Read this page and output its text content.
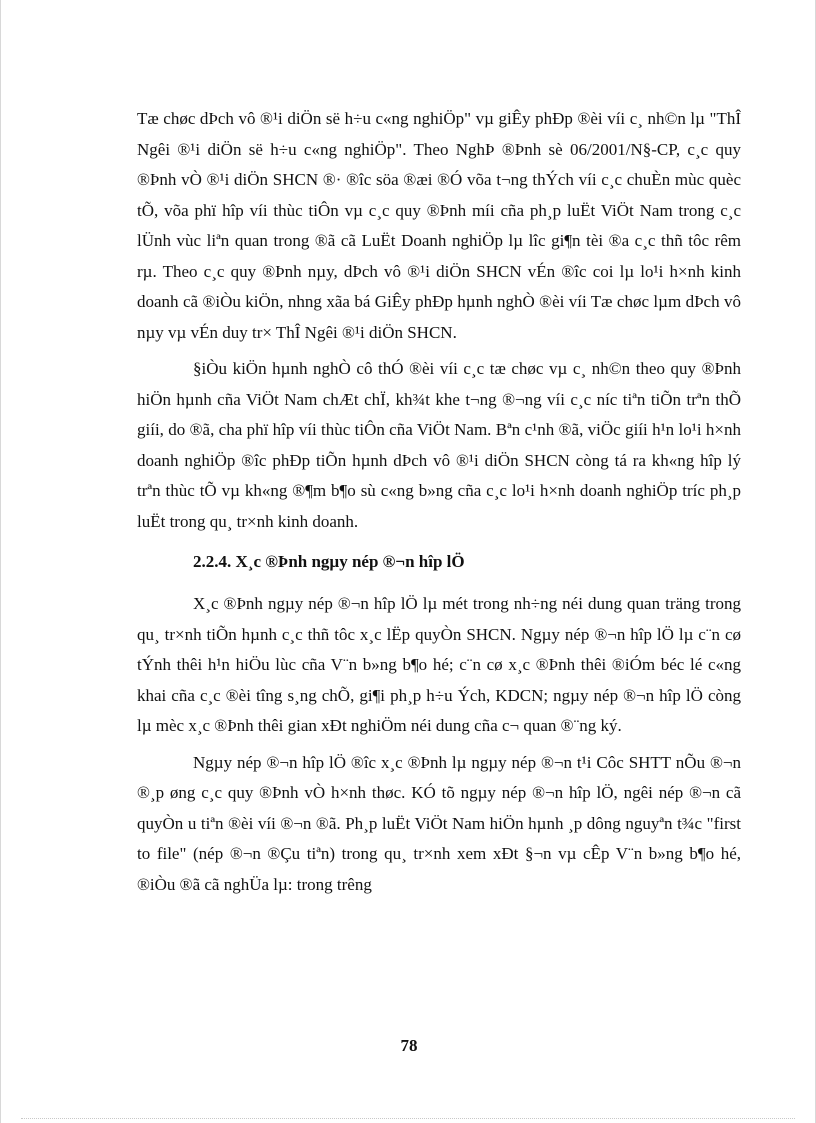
Tæ chøc dÞch vô ®¹i diÖn së h÷u c«ng nghiÖp" vµ giÊy phÐp ®èi víi c¸ nh©n lµ "ThÎ Ngêi ®¹i diÖn së h÷u c«ng nghiÖp". Theo NghÞ ®Þnh sè 06/2001/N§-CP, c¸c quy ®Þnh vÒ ®¹i diÖn SHCN ®· ®îc söa ®æi ®Ó võa t¬ng thÝch víi c¸c chuÈn mùc quèc tÕ, võa phï hîp víi thùc tiÔn vµ c¸c quy ®Þnh míi cña ph¸p luËt ViÖt Nam trong c¸c lÜnh vùc liªn quan trong ®ã cã LuËt Doanh nghiÖp lµ lîc gi¶n tèi ®a c¸c thñ tôc rêm rµ. Theo c¸c quy ®Þnh nµy, dÞch vô ®¹i diÖn SHCN vÉn ®îc coi lµ lo¹i h×nh kinh doanh cã ®iÒu kiÖn, nhng xãa bá GiÊy phÐp hµnh nghÒ ®èi víi Tæ chøc lµm dÞch vô nµy vµ vÉn duy tr× ThÎ Ngêi ®¹i diÖn SHCN.

§iÒu kiÖn hµnh nghÒ cô thÓ ®èi víi c¸c tæ chøc vµ c¸ nh©n theo quy ®Þnh hiÖn hµnh cña ViÖt Nam chÆt chÏ, kh¾t khe t¬ng ®¬ng víi c¸c níc tiªn tiÕn trªn thÕ giíi, do ®ã, cha phï hîp víi thùc tiÔn cña ViÖt Nam. Bªn c¹nh ®ã, viÖc giíi h¹n lo¹i h×nh doanh nghiÖp ®îc phÐp tiÕn hµnh dÞch vô ®¹i diÖn SHCN còng tá ra kh«ng hîp lý trªn thùc tÕ vµ kh«ng ®¶m b¶o sù c«ng b»ng cña c¸c lo¹i h×nh doanh nghiÖp tríc ph¸p luËt trong qu¸ tr×nh kinh doanh.

2.2.4. X¸c ®Þnh ngµy nép ®¬n hîp lÖ

X¸c ®Þnh ngµy nép ®¬n hîp lÖ lµ mét trong nh÷ng néi dung quan träng trong qu¸ tr×nh tiÕn hµnh c¸c thñ tôc x¸c lËp quyÒn SHCN. Ngµy nép ®¬n hîp lÖ lµ c¨n cø tÝnh thêi h¹n hiÖu lùc cña V¨n b»ng b¶o hé; c¨n cø x¸c ®Þnh thêi ®iÓm béc lé c«ng khai cña c¸c ®èi tîng s¸ng chÕ, gi¶i ph¸p h÷u Ých, KDCN; ngµy nép ®¬n hîp lÖ còng lµ mèc x¸c ®Þnh thêi gian xÐt nghiÖm néi dung cña c¬ quan ®¨ng ký.

Ngµy nép ®¬n hîp lÖ ®îc x¸c ®Þnh lµ ngµy nép ®¬n t¹i Côc SHTT nÕu ®¬n ®¸p øng c¸c quy ®Þnh vÒ h×nh thøc. KÓ tõ ngµy nép ®¬n hîp lÖ, ngêi nép ®¬n cã quyÒn u tiªn ®èi víi ®¬n ®ã. Ph¸p luËt ViÖt Nam hiÖn hµnh ¸p dông nguyªn t¾c "first to file" (nép ®¬n ®Çu tiªn) trong qu¸ tr×nh xem xÐt §¬n vµ cÊp V¨n b»ng b¶o hé, ®iÒu ®ã cã nghÜa lµ: trong trêng

78
